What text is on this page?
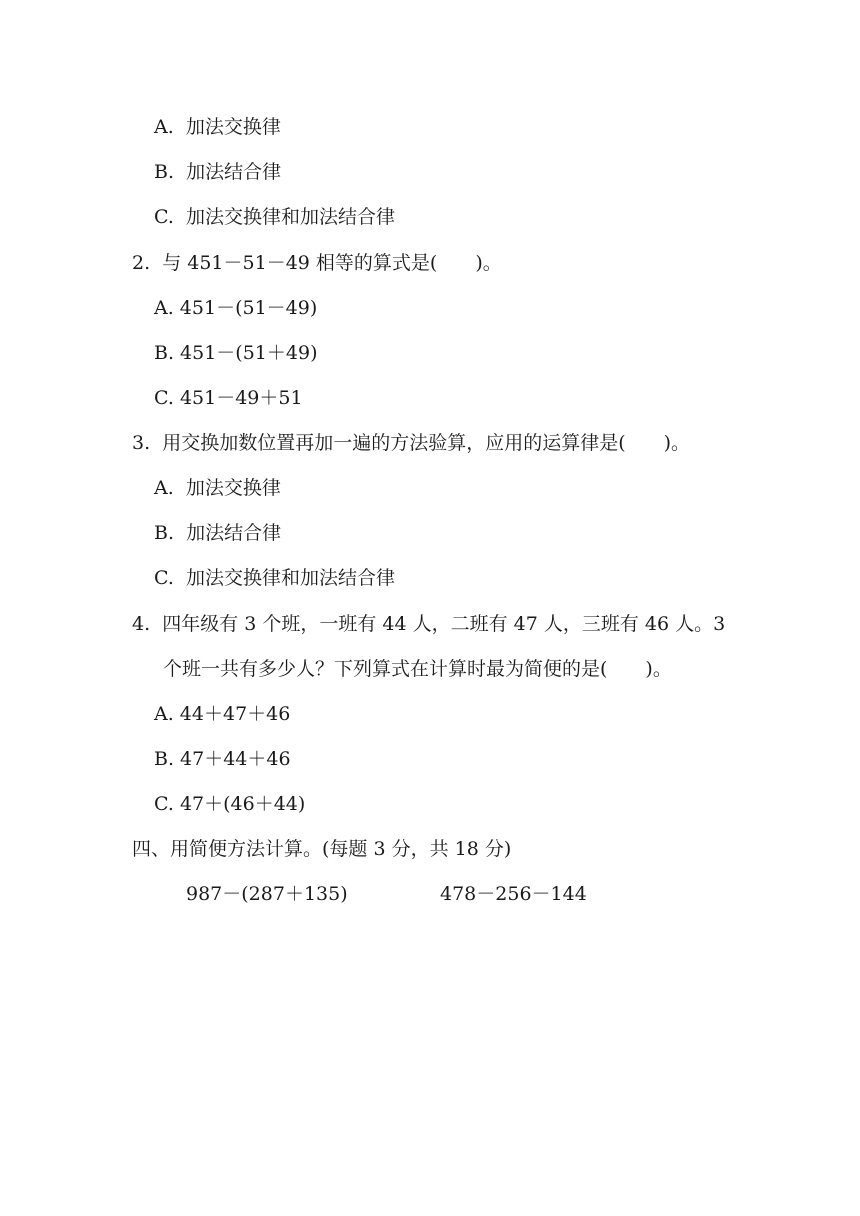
A.  加法交换律
B.  加法结合律
C.  加法交换律和加法结合律
2.  与 451－51－49 相等的算式是(　　)。
A. 451－(51－49)
B. 451－(51＋49)
C. 451－49＋51
3.  用交换加数位置再加一遍的方法验算，应用的运算律是(　　)。
A.  加法交换律
B.  加法结合律
C.  加法交换律和加法结合律
4.  四年级有 3 个班，一班有 44 人，二班有 47 人，三班有 46 人。3
个班一共有多少人？下列算式在计算时最为简便的是(　　)。
A. 44＋47＋46
B. 47＋44＋46
C. 47＋(46＋44)
四、用简便方法计算。(每题 3 分，共 18 分)
987－(287＋135)	478－256－144
